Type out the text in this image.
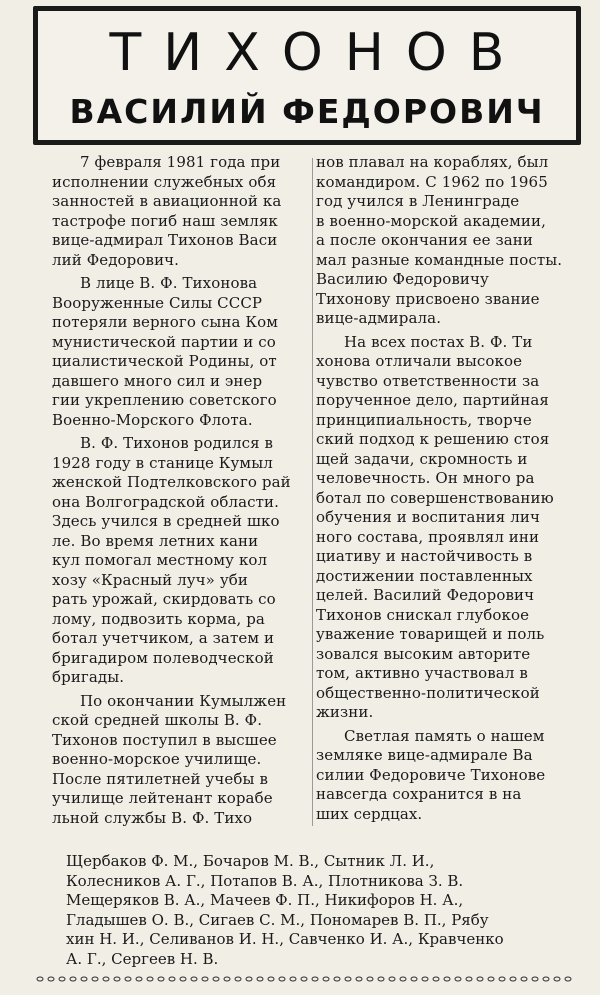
ТИХОНОВ
ВАСИЛИЙ ФЕДОРОВИЧ
7 февраля 1981 года при
исполнении служебных обя
занностей в авиационной ка
тастрофе погиб наш земляк
вице-адмирал Тихонов Васи
лий Федорович.
В лице В. Ф. Тихонова
Вооруженные Силы СССР
потеряли верного сына Ком
мунистической партии и со
циалистической Родины, от
давшего много сил и энер
гии укреплению советского
Военно-Морского Флота.
В. Ф. Тихонов родился в
1928 году в станице Кумыл
женской Подтелковского рай
она Волгоградской области.
Здесь учился в средней шко
ле. Во время летних кани
кул помогал местному кол
хозу «Красный луч» уби
рать урожай, скирдовать со
лому, подвозить корма, ра
ботал учетчиком, а затем и
бригадиром полеводческой
бригады.
По окончании Кумылжен
ской средней школы В. Ф.
Тихонов поступил в высшее
военно-морское училище.
После пятилетней учебы в
училище лейтенант корабе
льной службы В. Ф. Тихо
нов плавал на кораблях, был
командиром. С 1962 по 1965
год учился в Ленинграде
в военно-морской академии,
а после окончания ее зани
мал разные командные посты.
Василию Федоровичу
Тихонову присвоено звание
вице-адмирала.
На всех постах В. Ф. Ти
хонова отличали высокое
чувство ответственности за
порученное дело, партийная
принципиальность, творче
ский подход к решению стоя
щей задачи, скромность и
человечность. Он много ра
ботал по совершенствованию
обучения и воспитания лич
ного состава, проявлял ини
циативу и настойчивость в
достижении поставленных
целей. Василий Федорович
Тихонов снискал глубокое
уважение товарищей и поль
зовался высоким авторите
том, активно участвовал в
общественно-политической
жизни.
Светлая память о нашем
земляке вице-адмирале Ва
силии Федоровиче Тихонове
навсегда сохранится в на
ших сердцах.
Щербаков Ф. М., Бочаров М. В., Сытник Л. И.,
Колесников А. Г., Потапов В. А., Плотникова З. В.
Мещеряков В. А., Мачеев Ф. П., Никифоров Н. А.,
Гладышев О. В., Сигаев С. М., Пономарев В. П., Рябу
хин Н. И., Селиванов И. Н., Савченко И. А., Кравченко
А. Г., Сергеев Н. В.
